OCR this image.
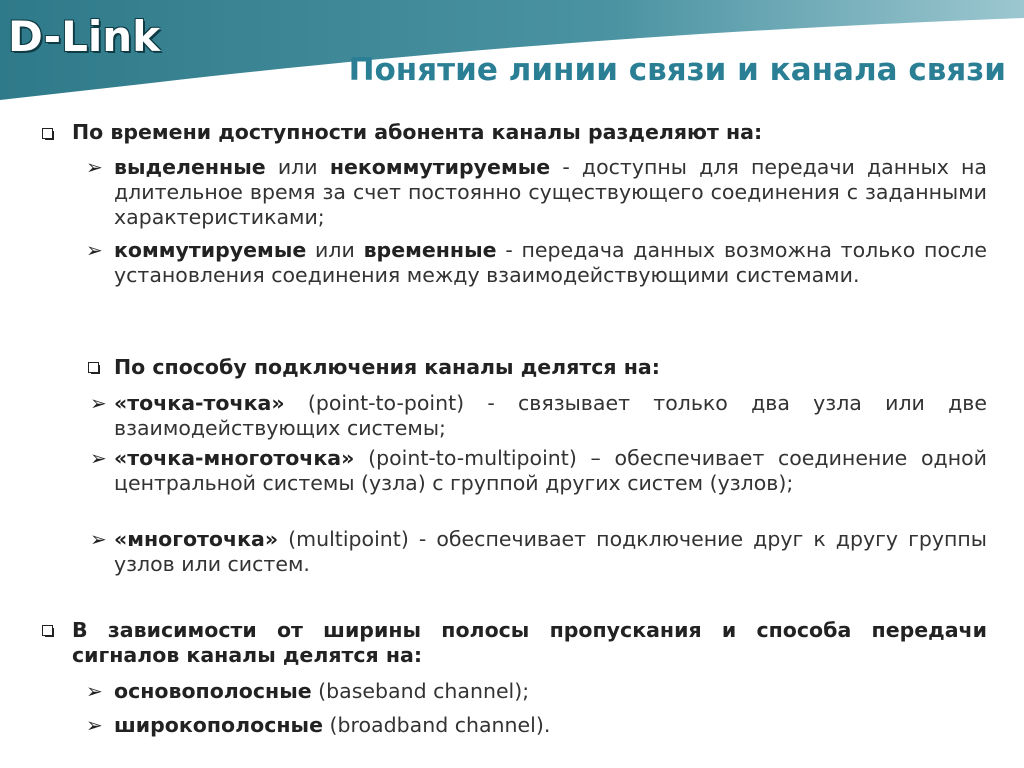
D-Link
Понятие линии связи и канала связи
По времени доступности абонента каналы разделяют на:
➢ выделенные или некоммутируемые - доступны для передачи данных на длительное время за счет постоянно существующего соединения с заданными характеристиками;
➢ коммутируемые или временные - передача данных возможна только после установления соединения между взаимодействующими системами.
По способу подключения каналы делятся на:
➢ «точка-точка» (point-to-point) - связывает только два узла или две взаимодействующих системы;
➢ «точка-многоточка» (point-to-multipoint) – обеспечивает соединение одной центральной системы (узла) с группой других систем (узлов);
➢ «многоточка» (multipoint) - обеспечивает подключение друг к другу группы узлов или систем.
В зависимости от ширины полосы пропускания и способа передачи сигналов каналы делятся на:
➢ основополосные (baseband channel);
➢ широкополосные (broadband channel).
